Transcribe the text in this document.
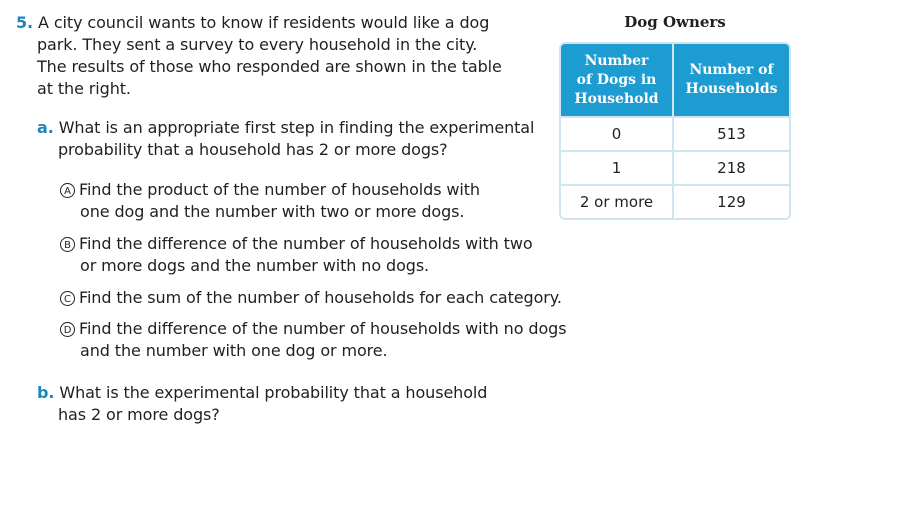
5. A city council wants to know if residents would like a dog
park. They sent a survey to every household in the city.
The results of those who responded are shown in the table
at the right.
a. What is an appropriate first step in finding the experimental
probability that a household has 2 or more dogs?
A Find the product of the number of households with
one dog and the number with two or more dogs.
B Find the difference of the number of households with two
or more dogs and the number with no dogs.
C Find the sum of the number of households for each category.
D Find the difference of the number of households with no dogs
and the number with one dog or more.
b. What is the experimental probability that a household
has 2 or more dogs?
Dog Owners
Number
of Dogs in
Household	Number of
Households

0	513
1	218
2 or more	129
